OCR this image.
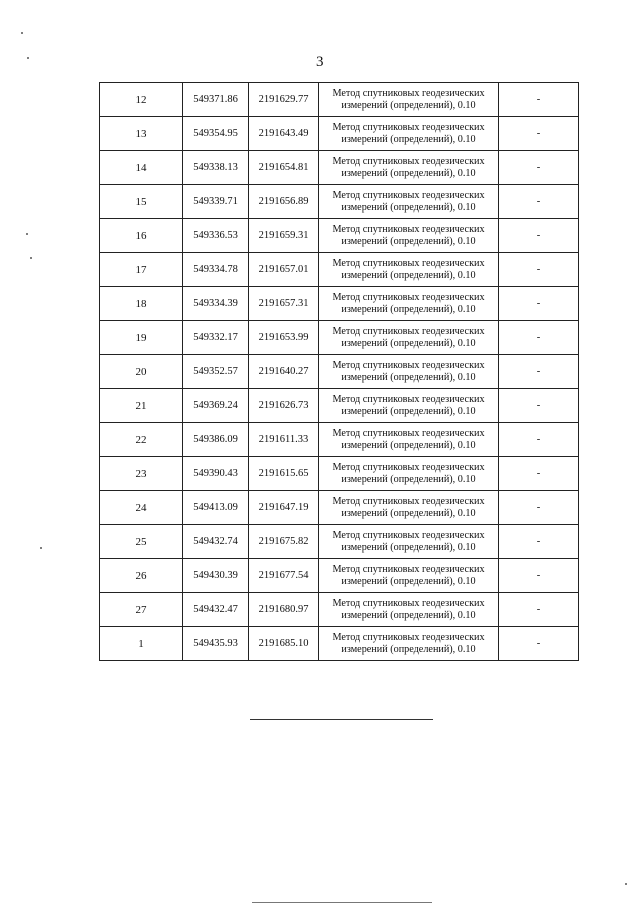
3
12	549371.86	2191629.77	Метод спутниковых геодезических
измерений (определений), 0.10	-
13	549354.95	2191643.49	Метод спутниковых геодезических
измерений (определений), 0.10	-
14	549338.13	2191654.81	Метод спутниковых геодезических
измерений (определений), 0.10	-
15	549339.71	2191656.89	Метод спутниковых геодезических
измерений (определений), 0.10	-
16	549336.53	2191659.31	Метод спутниковых геодезических
измерений (определений), 0.10	-
17	549334.78	2191657.01	Метод спутниковых геодезических
измерений (определений), 0.10	-
18	549334.39	2191657.31	Метод спутниковых геодезических
измерений (определений), 0.10	-
19	549332.17	2191653.99	Метод спутниковых геодезических
измерений (определений), 0.10	-
20	549352.57	2191640.27	Метод спутниковых геодезических
измерений (определений), 0.10	-
21	549369.24	2191626.73	Метод спутниковых геодезических
измерений (определений), 0.10	-
22	549386.09	2191611.33	Метод спутниковых геодезических
измерений (определений), 0.10	-
23	549390.43	2191615.65	Метод спутниковых геодезических
измерений (определений), 0.10	-
24	549413.09	2191647.19	Метод спутниковых геодезических
измерений (определений), 0.10	-
25	549432.74	2191675.82	Метод спутниковых геодезических
измерений (определений), 0.10	-
26	549430.39	2191677.54	Метод спутниковых геодезических
измерений (определений), 0.10	-
27	549432.47	2191680.97	Метод спутниковых геодезических
измерений (определений), 0.10	-
1	549435.93	2191685.10	Метод спутниковых геодезических
измерений (определений), 0.10	-
